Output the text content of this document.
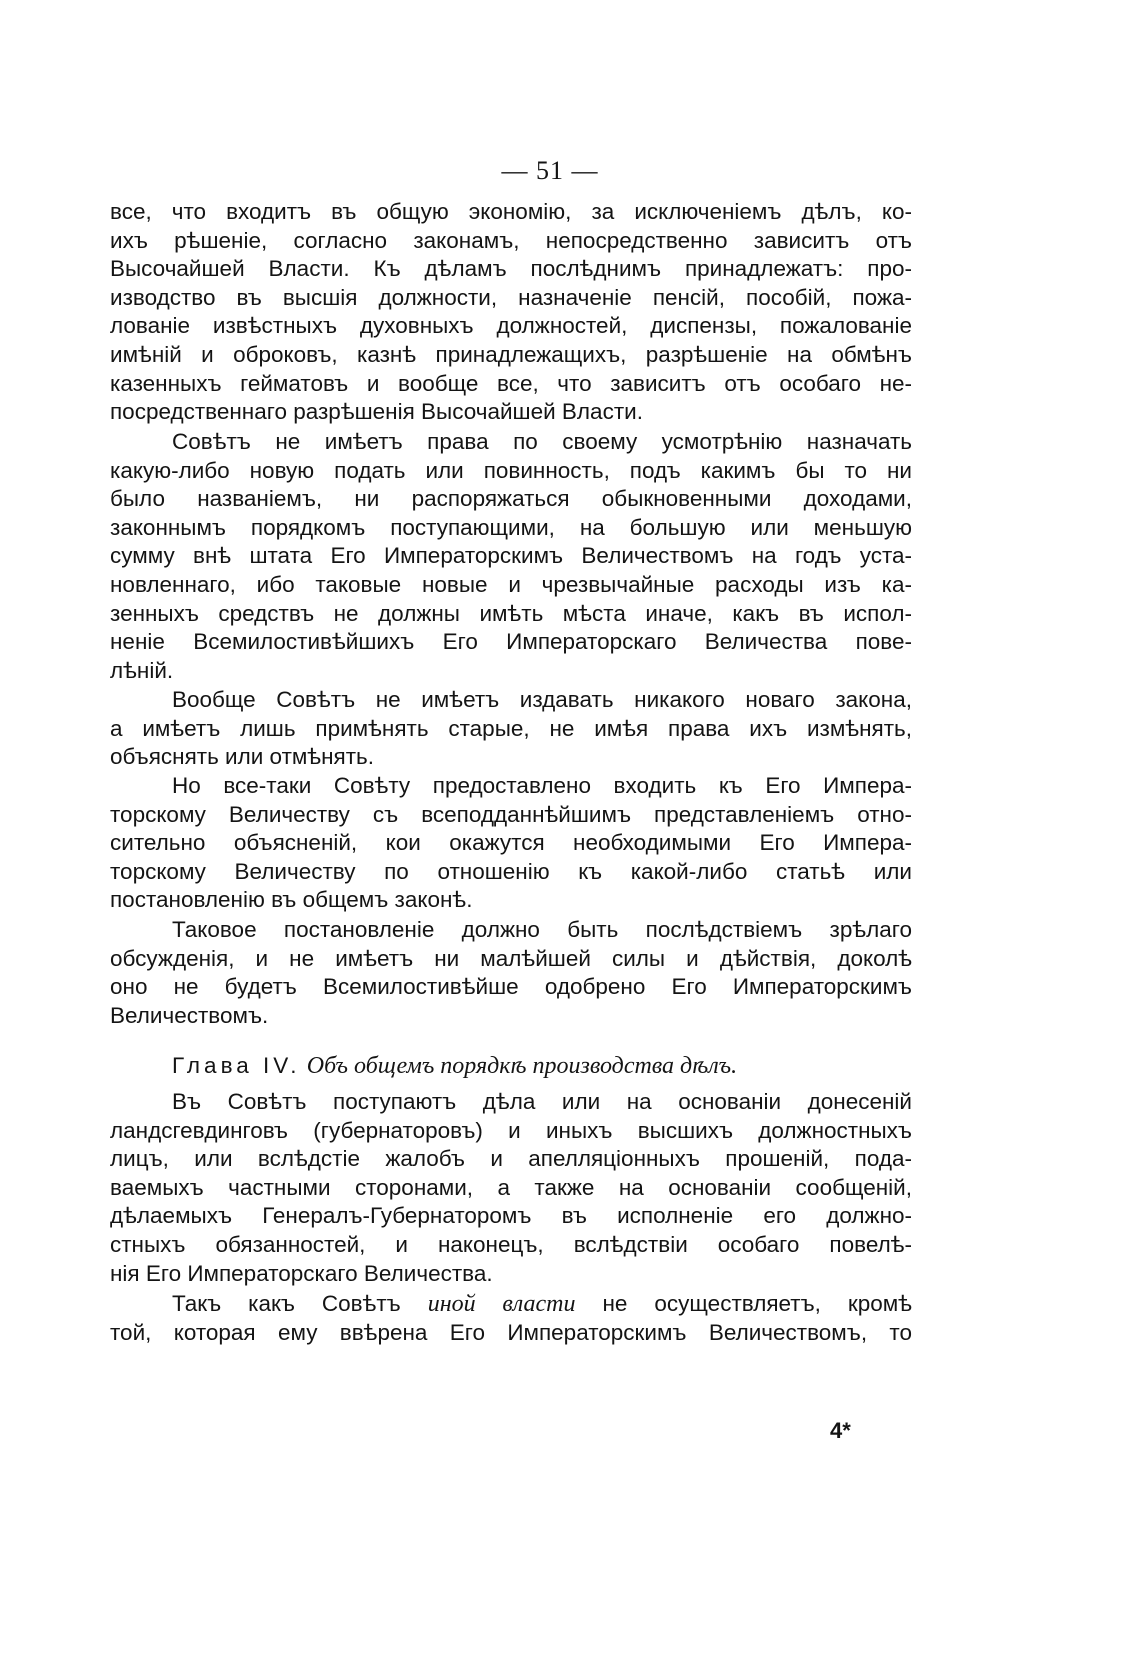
— 51 —
все, что входитъ въ общую экономію, за исключеніемъ дѣлъ, ко-
ихъ рѣшеніе, согласно законамъ, непосредственно зависитъ отъ
Высочайшей Власти. Къ дѣламъ послѣднимъ принадлежатъ: про-
изводство въ высшія должности, назначеніе пенсій, пособій, пожа-
лованіе извѣстныхъ духовныхъ должностей, диспензы, пожалованіе
имѣній и оброковъ, казнѣ принадлежащихъ, разрѣшеніе на обмѣнъ
казенныхъ гейматовъ и вообще все, что зависитъ отъ особаго не-
посредственнаго разрѣшенія Высочайшей Власти.
Совѣтъ не имѣетъ права по своему усмотрѣнію назначать
какую-либо новую подать или повинность, подъ какимъ бы то ни
было названіемъ, ни распоряжаться обыкновенными доходами,
законнымъ порядкомъ поступающими, на большую или меньшую
сумму внѣ штата Его Императорскимъ Величествомъ на годъ уста-
новленнаго, ибо таковые новые и чрезвычайные расходы изъ ка-
зенныхъ средствъ не должны имѣть мѣста иначе, какъ въ испол-
неніе Всемилостивѣйшихъ Его Императорскаго Величества пове-
лѣній.
Вообще Совѣтъ не имѣетъ издавать никакого новаго закона,
а имѣетъ лишь примѣнять старые, не имѣя права ихъ измѣнять,
объяснять или отмѣнять.
Но все-таки Совѣту предоставлено входить къ Его Импера-
торскому Величеству съ всеподданнѣйшимъ представленіемъ отно-
сительно объясненій, кои окажутся необходимыми Его Импера-
торскому Величеству по отношенію къ какой-либо статьѣ или
постановленію въ общемъ законѣ.
Таковое постановленіе должно быть послѣдствіемъ зрѣлаго
обсужденія, и не имѣетъ ни малѣйшей силы и дѣйствія, доколѣ
оно не будетъ Всемилостивѣйше одобрено Его Императорскимъ
Величествомъ.
Глава IV. Объ общемъ порядкѣ производства дѣлъ.
Въ Совѣтъ поступаютъ дѣла или на основаніи донесеній
ландсгевдинговъ (губернаторовъ) и иныхъ высшихъ должностныхъ
лицъ, или вслѣдстіе жалобъ и апелляціонныхъ прошеній, пода-
ваемыхъ частными сторонами, а также на основаніи сообщеній,
дѣлаемыхъ Генералъ-Губернаторомъ въ исполненіе его должно-
стныхъ обязанностей, и наконецъ, вслѣдствіи особаго повелѣ-
нія Его Императорскаго Величества.
Такъ какъ Совѣтъ иной власти не осуществляетъ, кромѣ
той, которая ему ввѣрена Его Императорскимъ Величествомъ, то
4*
